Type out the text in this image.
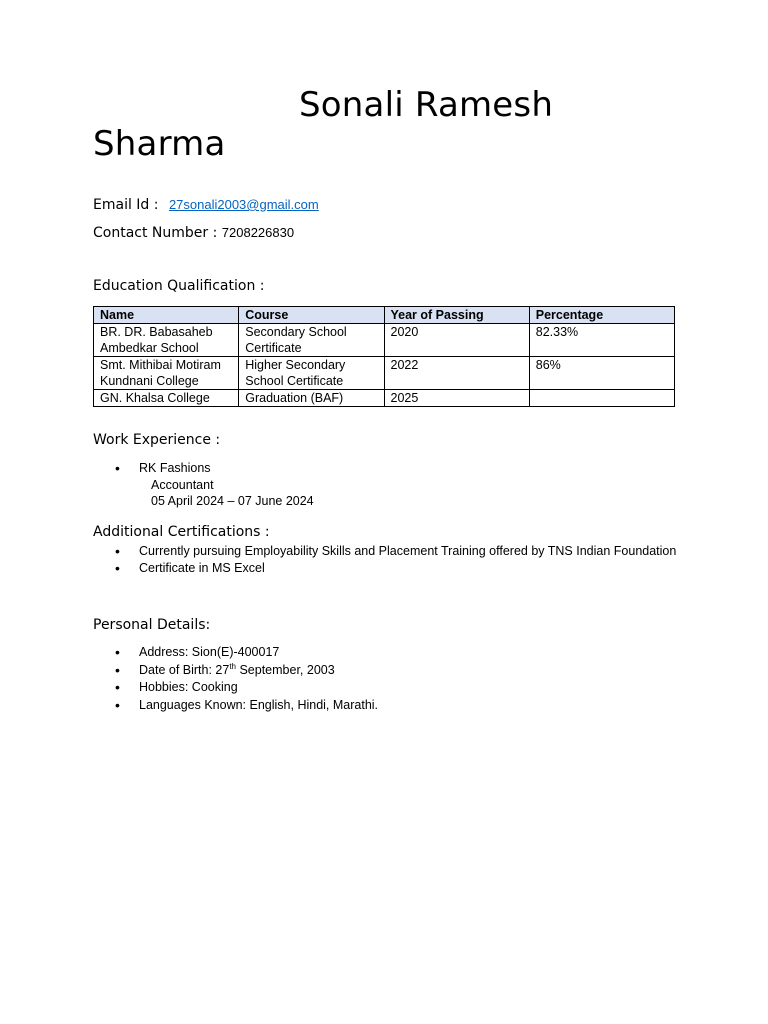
Sonali Ramesh
Sharma
Email Id : 27sonali2003@gmail.com
Contact Number : 7208226830
Education Qualification :
Name	Course	Year of Passing	Percentage
BR. DR. Babasaheb Ambedkar School	Secondary School Certificate	2020	82.33%
Smt. Mithibai Motiram Kundnani College	Higher Secondary School Certificate	2022	86%
GN. Khalsa College	Graduation (BAF)	2025	
Work Experience :
• RK Fashions
Accountant
05 April 2024 – 07 June 2024
Additional Certifications :
• Currently pursuing Employability Skills and Placement Training offered by TNS Indian Foundation
• Certificate in MS Excel
Personal Details:
• Address: Sion(E)-400017
• Date of Birth: 27th September, 2003
• Hobbies: Cooking
• Languages Known: English, Hindi, Marathi.
